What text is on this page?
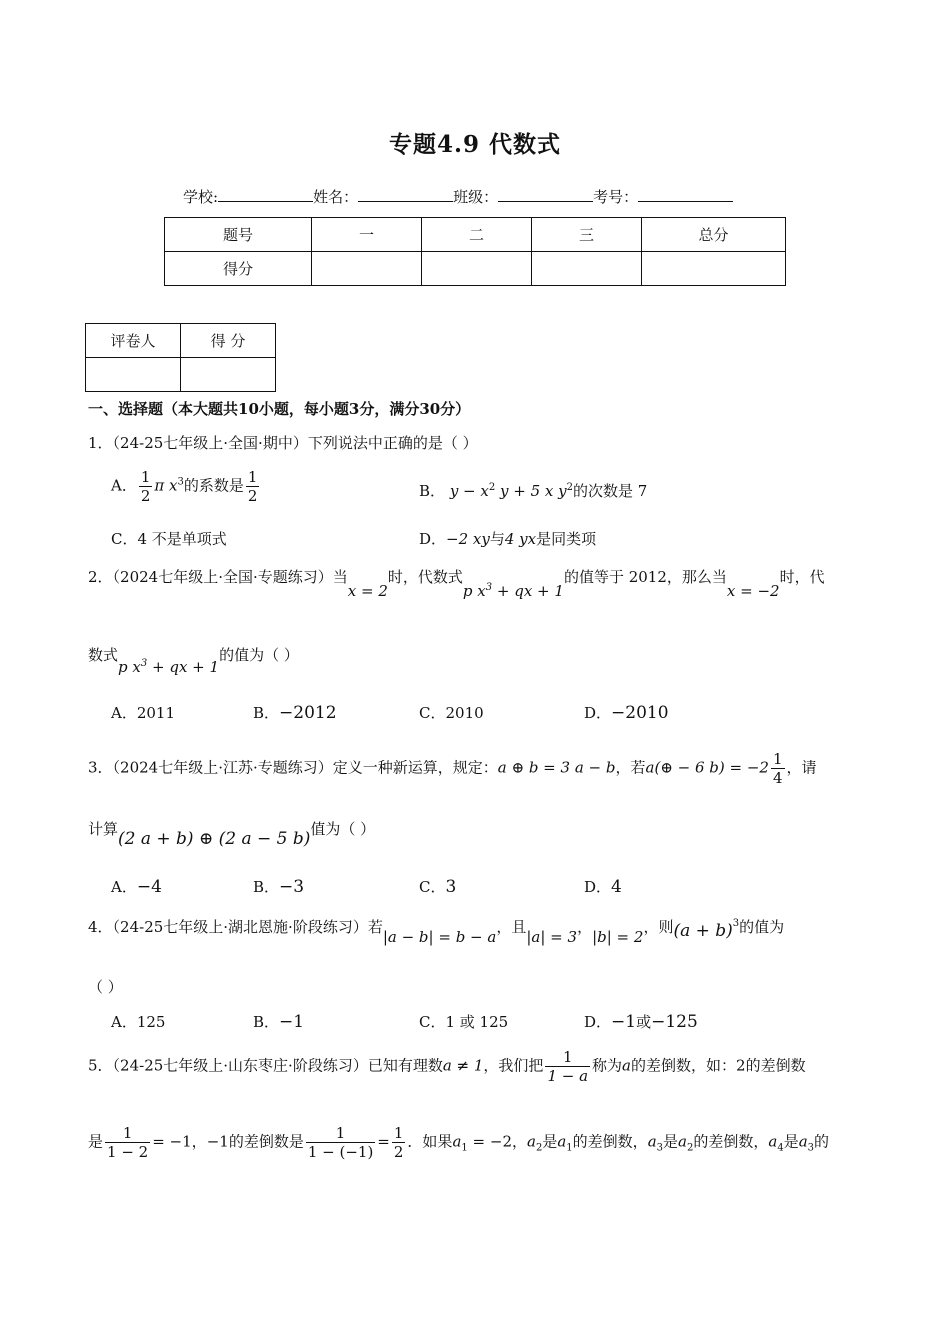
专题4.9 代数式
学校:	姓名：	班级：	考号：
题号	一	二	三	总分
得分				
评卷人	得 分

一、选择题（本大题共10小题，每小题3分，满分30分）
1．（24-25七年级上·全国·期中）下列说法中正确的是（ ）
A． $\frac{1}{2}$ π $x^3$的系数是 $\frac{1}{2}$	B． $y - x^2$ y + 5 x $y^2$的次数是 7
C．4 不是单项式	D．−2 xy与4 yx是同类项
2．（2024七年级上·全国·专题练习）当x = 2时，代数式p $x^3$ + qx + 1的值等于 2012，那么当x = −2时，代
数式p $x^3$ + qx + 1的值为（ ）
A．2011	B．−2012	C．2010	D．−2010
3．（2024七年级上·江苏·专题练习）定义一种新运算，规定：a ⊕ b = 3 a − b，若a(⊕ − 6 $b) = -2 \frac{1}{4}$ ，请
计算(2 a + b) ⊕ (2 a − 5 b)值为（ ）
A．−4	B．−3	C．3	D．4
4．（24-25七年级上·湖北恩施·阶段练习）若|a − b| = b − a，且|a| = 3，|b| = 2，则$(a + b)^3$的值为
（ ）
A．125	B．−1	C．1 或 125	D．−1或−125
5．（24-25七年级上·山东枣庄·阶段练习）已知有理数a ≠ 1，我们把 $\frac{1}{1 - a}$ 称为a的差倒数，如：2的差倒数
是 $\frac{1}{1 - 2} = -1$，−1的差倒数是 $\frac{1}{1 - (-1)} = \frac{1}{2}$ ．如果$a_1 = -2$，$a_2$是$a_1$的差倒数，$a_3$是$a_2$的差倒数，$a_4$是$a_3$的
